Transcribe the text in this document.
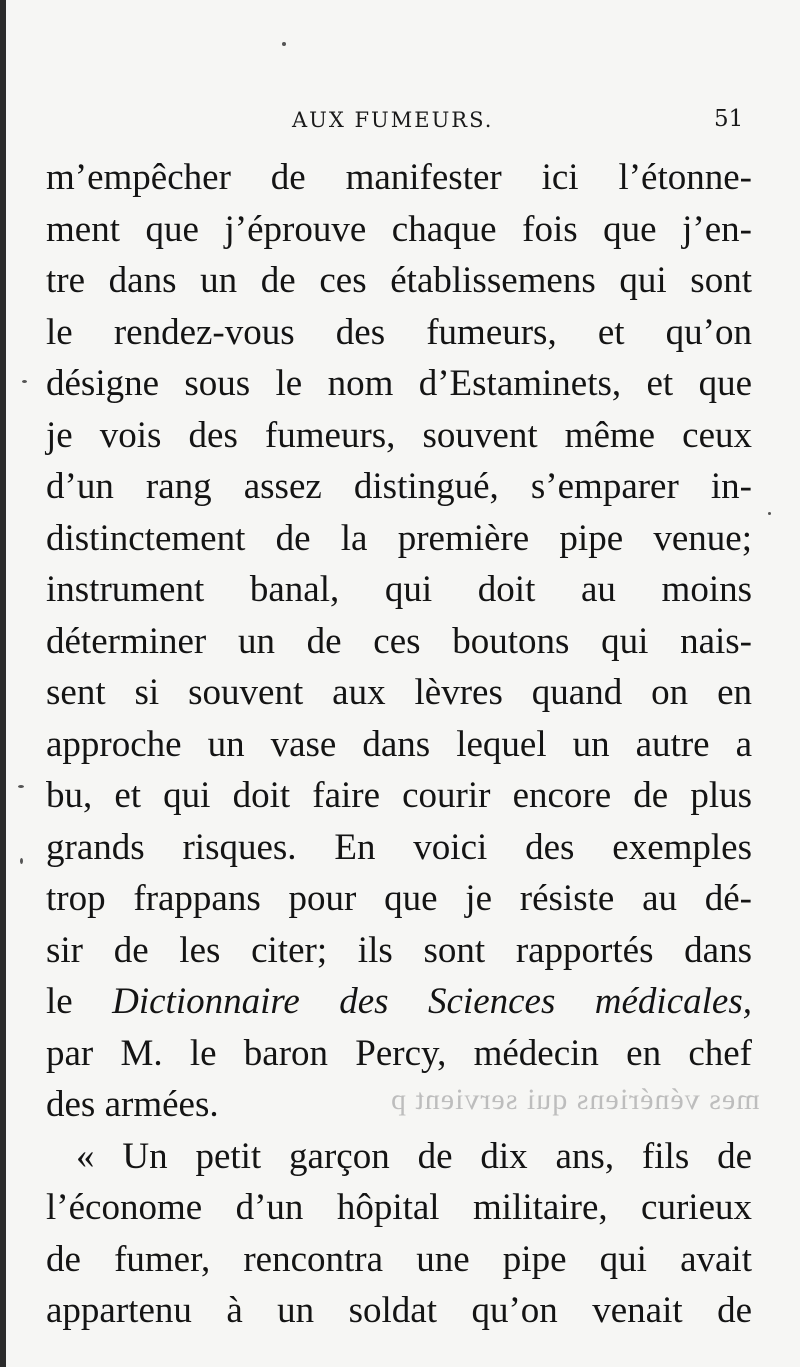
AUX FUMEURS.	51
mes vénériens qui servient p
m’empêcher de manifester ici l’étonne-
ment que j’éprouve chaque fois que j’en-
tre dans un de ces établissemens qui sont
le rendez-vous des fumeurs, et qu’on
désigne sous le nom d’Estaminets, et que
je vois des fumeurs, souvent même ceux
d’un rang assez distingué, s’emparer in-
distinctement de la première pipe venue;
instrument banal, qui doit au moins
déterminer un de ces boutons qui nais-
sent si souvent aux lèvres quand on en
approche un vase dans lequel un autre a
bu, et qui doit faire courir encore de plus
grands risques. En voici des exemples
trop frappans pour que je résiste au dé-
sir de les citer; ils sont rapportés dans
le Dictionnaire des Sciences médicales,
par M. le baron Percy, médecin en chef
des armées.
« Un petit garçon de dix ans, fils de
l’économe d’un hôpital militaire, curieux
de fumer, rencontra une pipe qui avait
appartenu à un soldat qu’on venait de
